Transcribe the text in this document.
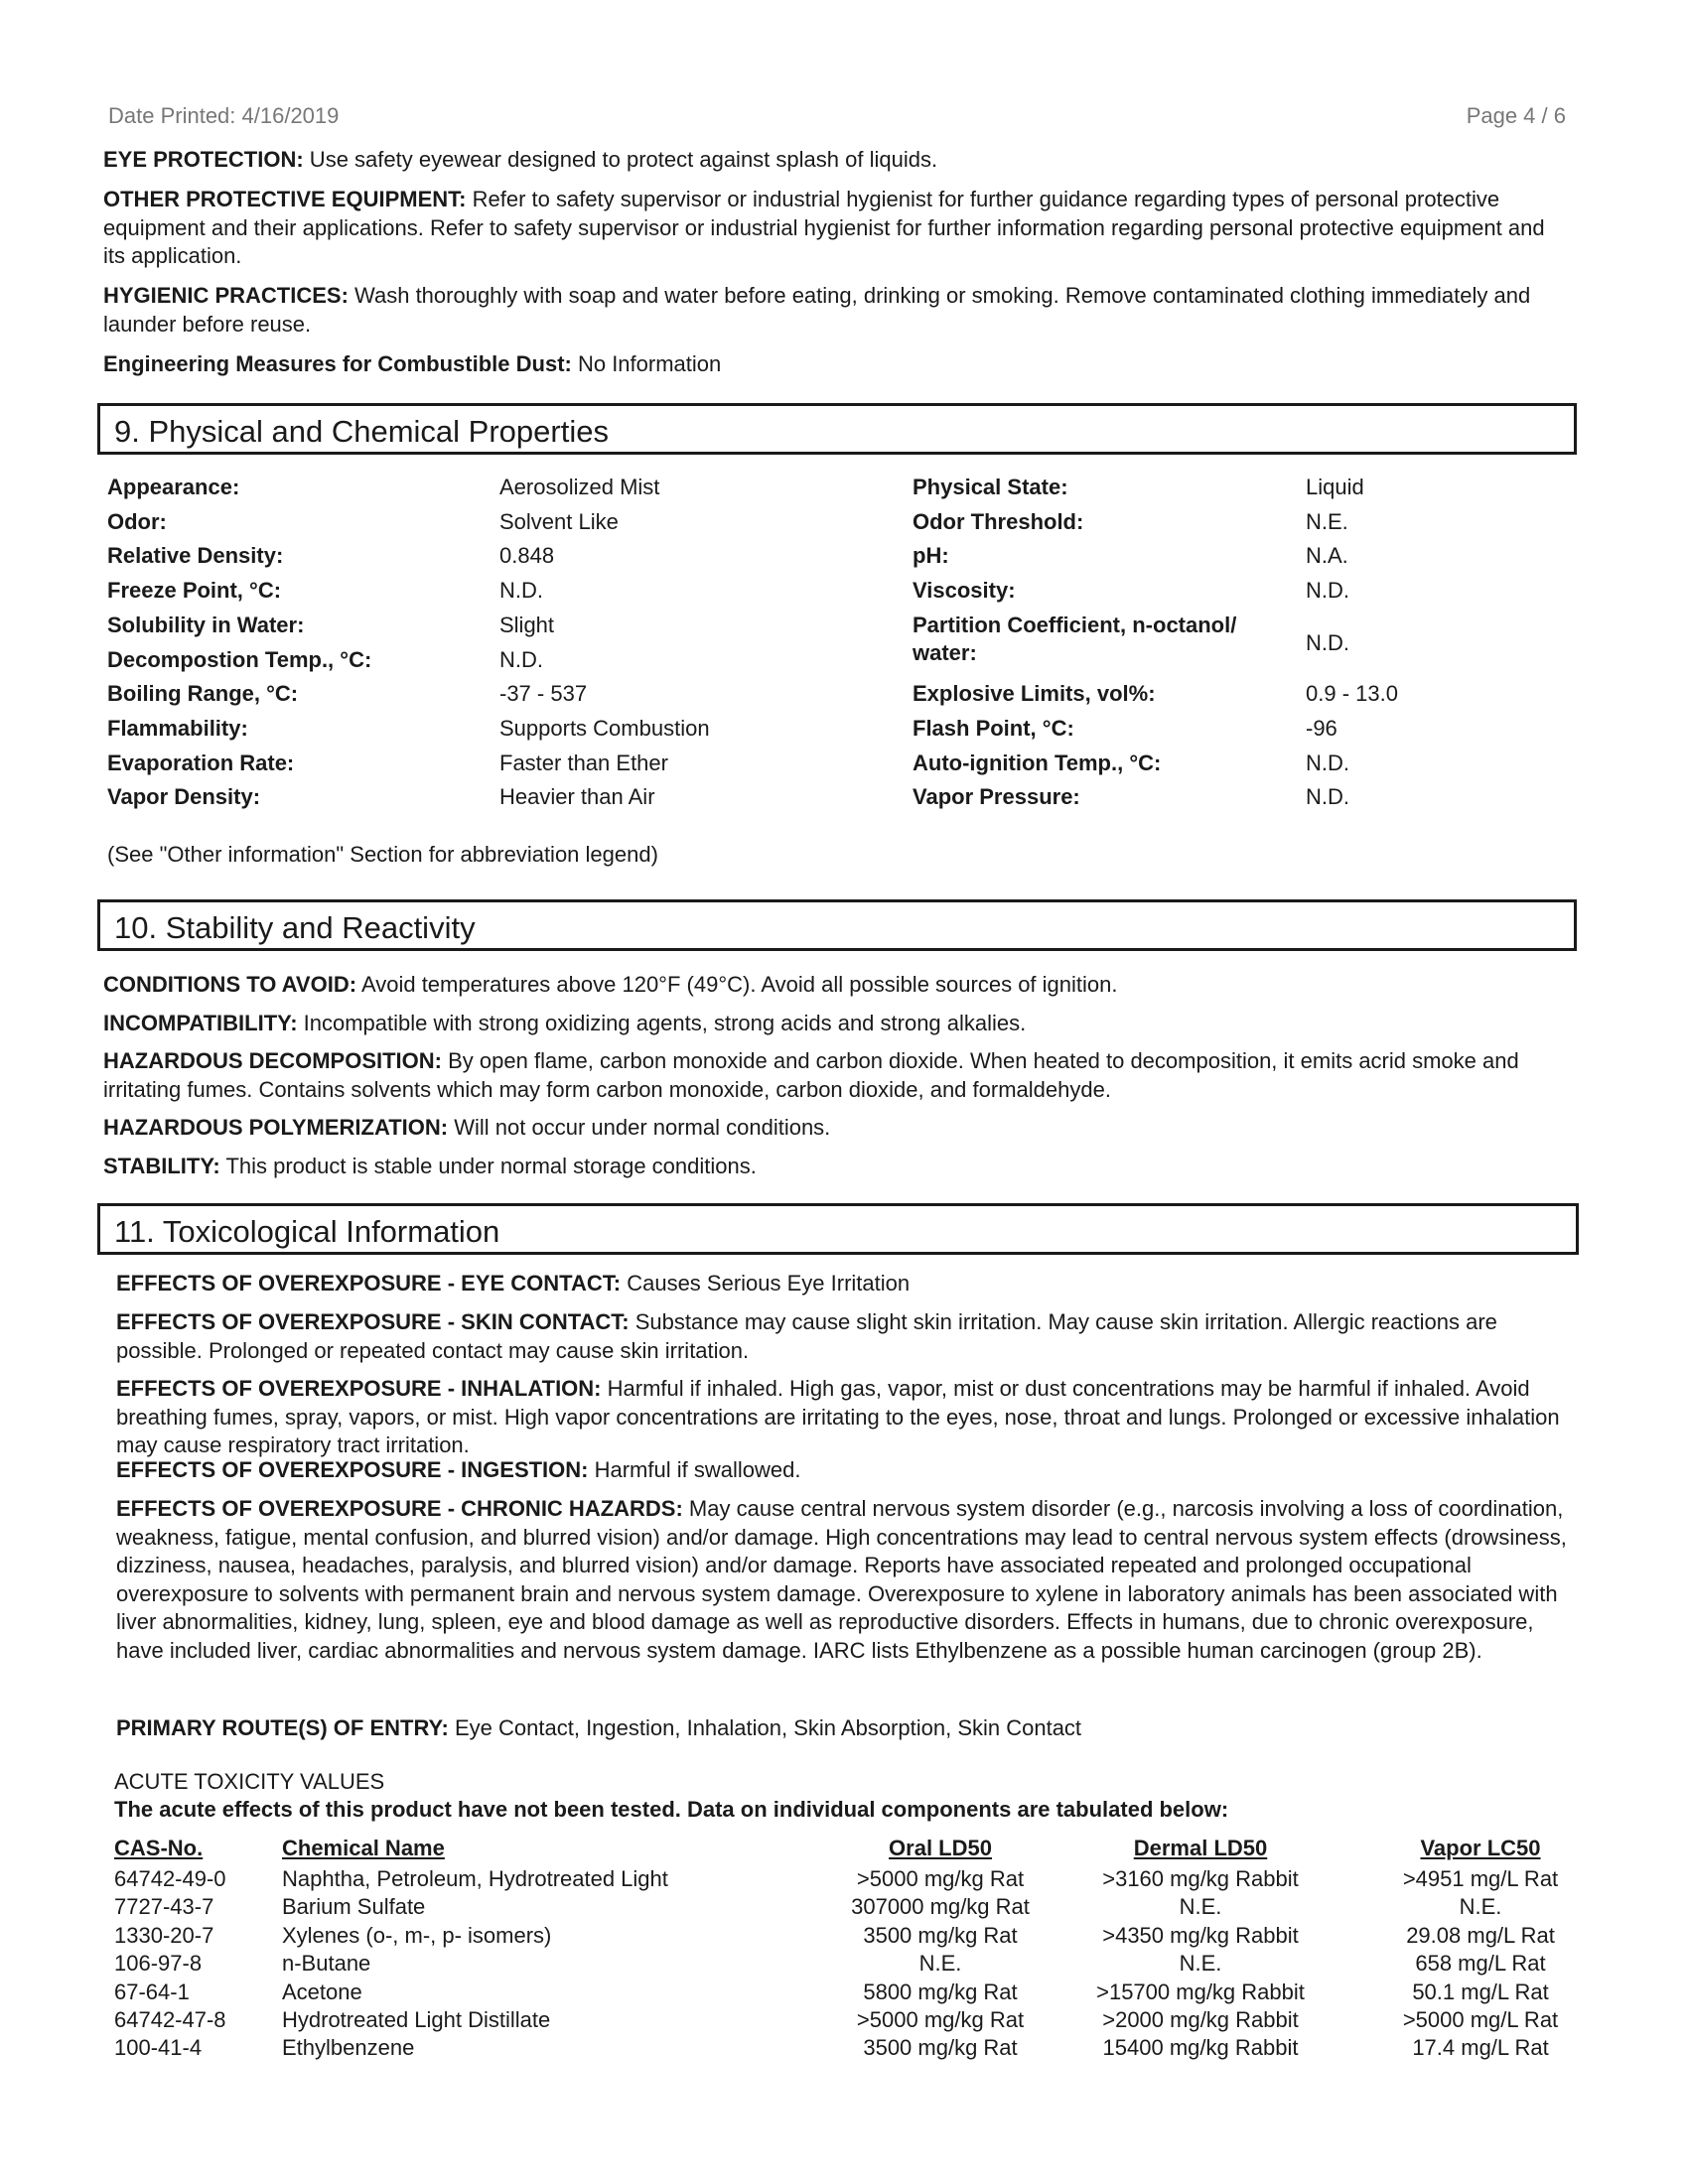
Date Printed: 4/16/2019	Page 4 / 6
EYE PROTECTION: Use safety eyewear designed to protect against splash of liquids.
OTHER PROTECTIVE EQUIPMENT: Refer to safety supervisor or industrial hygienist for further guidance regarding types of personal protective equipment and their applications. Refer to safety supervisor or industrial hygienist for further information regarding personal protective equipment and its application.
HYGIENIC PRACTICES: Wash thoroughly with soap and water before eating, drinking or smoking. Remove contaminated clothing immediately and launder before reuse.
Engineering Measures for Combustible Dust: No Information
9. Physical and Chemical Properties
Appearance:	Aerosolized Mist
Odor:	Solvent Like
Relative Density:	0.848
Freeze Point, °C:	N.D.
Solubility in Water:	Slight
Decompostion Temp., °C:	N.D.
Boiling Range, °C:	-37 - 537
Flammability:	Supports Combustion
Evaporation Rate:	Faster than Ether
Vapor Density:	Heavier than Air
Physical State:	Liquid
Odor Threshold:	N.E.
pH:	N.A.
Viscosity:	N.D.
Partition Coefficient, n-octanol/
water:	N.D.
Explosive Limits, vol%:	0.9 - 13.0
Flash Point, °C:	-96
Auto-ignition Temp., °C:	N.D.
Vapor Pressure:	N.D.
(See "Other information" Section for abbreviation legend)
10. Stability and Reactivity
CONDITIONS TO AVOID: Avoid temperatures above 120°F (49°C). Avoid all possible sources of ignition.
INCOMPATIBILITY: Incompatible with strong oxidizing agents, strong acids and strong alkalies.
HAZARDOUS DECOMPOSITION: By open flame, carbon monoxide and carbon dioxide. When heated to decomposition, it emits acrid smoke and irritating fumes. Contains solvents which may form carbon monoxide, carbon dioxide, and formaldehyde.
HAZARDOUS POLYMERIZATION: Will not occur under normal conditions.
STABILITY: This product is stable under normal storage conditions.
11. Toxicological Information
EFFECTS OF OVEREXPOSURE - EYE CONTACT: Causes Serious Eye Irritation
EFFECTS OF OVEREXPOSURE - SKIN CONTACT: Substance may cause slight skin irritation. May cause skin irritation. Allergic reactions are possible. Prolonged or repeated contact may cause skin irritation.
EFFECTS OF OVEREXPOSURE - INHALATION: Harmful if inhaled. High gas, vapor, mist or dust concentrations may be harmful if inhaled. Avoid breathing fumes, spray, vapors, or mist. High vapor concentrations are irritating to the eyes, nose, throat and lungs. Prolonged or excessive inhalation may cause respiratory tract irritation.
EFFECTS OF OVEREXPOSURE - INGESTION: Harmful if swallowed.
EFFECTS OF OVEREXPOSURE - CHRONIC HAZARDS: May cause central nervous system disorder (e.g., narcosis involving a loss of coordination, weakness, fatigue, mental confusion, and blurred vision) and/or damage. High concentrations may lead to central nervous system effects (drowsiness, dizziness, nausea, headaches, paralysis, and blurred vision) and/or damage. Reports have associated repeated and prolonged occupational overexposure to solvents with permanent brain and nervous system damage. Overexposure to xylene in laboratory animals has been associated with liver abnormalities, kidney, lung, spleen, eye and blood damage as well as reproductive disorders. Effects in humans, due to chronic overexposure, have included liver, cardiac abnormalities and nervous system damage. IARC lists Ethylbenzene as a possible human carcinogen (group 2B).
PRIMARY ROUTE(S) OF ENTRY: Eye Contact, Ingestion, Inhalation, Skin Absorption, Skin Contact
ACUTE TOXICITY VALUES
The acute effects of this product have not been tested. Data on individual components are tabulated below:
CAS-No.	Chemical Name	Oral LD50	Dermal LD50	Vapor LC50
64742-49-0	Naphtha, Petroleum, Hydrotreated Light	>5000 mg/kg Rat	>3160 mg/kg Rabbit	>4951 mg/L Rat
7727-43-7	Barium Sulfate	307000 mg/kg Rat	N.E.	N.E.
1330-20-7	Xylenes (o-, m-, p- isomers)	3500 mg/kg Rat	>4350 mg/kg Rabbit	29.08 mg/L Rat
106-97-8	n-Butane	N.E.	N.E.	658 mg/L Rat
67-64-1	Acetone	5800 mg/kg Rat	>15700 mg/kg Rabbit	50.1 mg/L Rat
64742-47-8	Hydrotreated Light Distillate	>5000 mg/kg Rat	>2000 mg/kg Rabbit	>5000 mg/L Rat
100-41-4	Ethylbenzene	3500 mg/kg Rat	15400 mg/kg Rabbit	17.4 mg/L Rat
